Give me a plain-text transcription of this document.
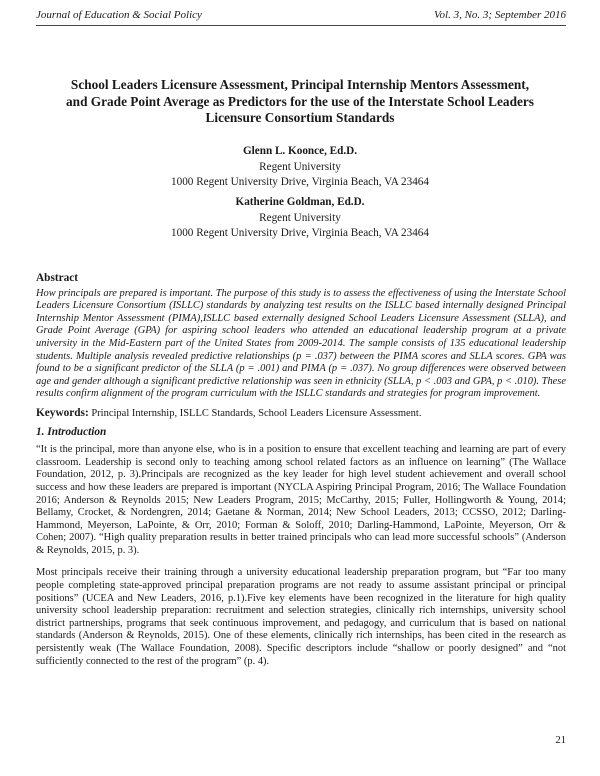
Journal of Education & Social Policy	Vol. 3, No. 3; September 2016
School Leaders Licensure Assessment, Principal Internship Mentors Assessment, and Grade Point Average as Predictors for the use of the Interstate School Leaders Licensure Consortium Standards
Glenn L. Koonce, Ed.D.
Regent University
1000 Regent University Drive, Virginia Beach, VA 23464
Katherine Goldman, Ed.D.
Regent University
1000 Regent University Drive, Virginia Beach, VA 23464
Abstract

How principals are prepared is important. The purpose of this study is to assess the effectiveness of using the Interstate School Leaders Licensure Consortium (ISLLC) standards by analyzing test results on the ISLLC based internally designed Principal Internship Mentor Assessment (PIMA),ISLLC based externally designed School Leaders Licensure Assessment (SLLA), and Grade Point Average (GPA) for aspiring school leaders who attended an educational leadership program at a private university in the Mid-Eastern part of the United States from 2009-2014. The sample consists of 135 educational leadership students. Multiple analysis revealed predictive relationships (p = .037) between the PIMA scores and SLLA scores. GPA was found to be a significant predictor of the SLLA (p = .001) and PIMA (p = .037). No group differences were observed between age and gender although a significant predictive relationship was seen in ethnicity (SLLA, p < .003 and GPA, p < .010). These results confirm alignment of the program curriculum with the ISLLC standards and strategies for program improvement.

Keywords: Principal Internship, ISLLC Standards, School Leaders Licensure Assessment.

1. Introduction

“It is the principal, more than anyone else, who is in a position to ensure that excellent teaching and learning are part of every classroom. Leadership is second only to teaching among school related factors as an influence on learning” (The Wallace Foundation, 2012, p. 3).Principals are recognized as the key leader for high level student achievement and overall school success and how these leaders are prepared is important (NYCLA Aspiring Principal Program, 2016; The Wallace Foundation 2016; Anderson & Reynolds 2015; New Leaders Program, 2015; McCarthy, 2015; Fuller, Hollingworth & Young, 2014; Bellamy, Crocket, & Nordengren, 2014; Gaetane & Norman, 2014; New School Leaders, 2013; CCSSO, 2012; Darling-Hammond, Meyerson, LaPointe, & Orr, 2010; Forman & Soloff, 2010; Darling-Hammond, LaPointe, Meyerson, Orr & Cohen; 2007). “High quality preparation results in better trained principals who can lead more successful schools” (Anderson & Reynolds, 2015, p. 3).

Most principals receive their training through a university educational leadership preparation program, but “Far too many people completing state-approved principal preparation programs are not ready to assume assistant principal or principal positions” (UCEA and New Leaders, 2016, p.1).Five key elements have been recognized in the literature for high quality university school leadership preparation: recruitment and selection strategies, clinically rich internships, university school district partnerships, programs that seek continuous improvement, and pedagogy, and curriculum that is based on national standards (Anderson & Reynolds, 2015). One of these elements, clinically rich internships, has been cited in the research as persistently weak (The Wallace Foundation, 2008). Specific descriptors include “shallow or poorly designed” and “not sufficiently connected to the rest of the program” (p. 4).

21
